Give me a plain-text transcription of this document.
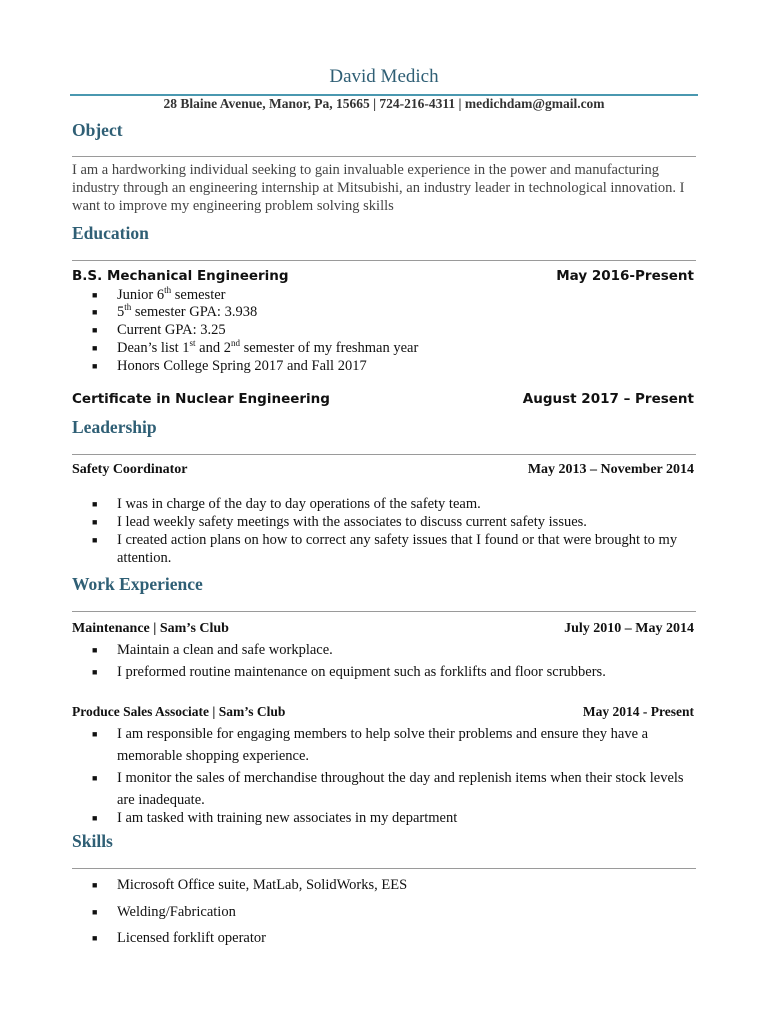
David Medich
28 Blaine Avenue, Manor, Pa, 15665 | 724-216-4311 | medichdam@gmail.com
Object
I am a hardworking individual seeking to gain invaluable experience in the power and manufacturing industry through an engineering internship at Mitsubishi, an industry leader in technological innovation. I want to improve my engineering problem solving skills
Education
B.S. Mechanical Engineering	May 2016-Present
■	Junior 6th semester
■	5th semester GPA: 3.938
■	Current GPA: 3.25
■	Dean’s list 1st and 2nd semester of my freshman year
■	Honors College Spring 2017 and Fall 2017
Certificate in Nuclear Engineering	August 2017 – Present
Leadership
Safety Coordinator	May 2013 – November 2014
■	I was in charge of the day to day operations of the safety team.
■	I lead weekly safety meetings with the associates to discuss current safety issues.
■	I created action plans on how to correct any safety issues that I found or that were brought to my attention.
Work Experience
Maintenance | Sam’s Club	July 2010 – May 2014
■	Maintain a clean and safe workplace.
■	I preformed routine maintenance on equipment such as forklifts and floor scrubbers.
Produce Sales Associate | Sam’s Club	May 2014 - Present
■	I am responsible for engaging members to help solve their problems and ensure they have a memorable shopping experience.
■	I monitor the sales of merchandise throughout the day and replenish items when their stock levels are inadequate.
■	I am tasked with training new associates in my department
Skills
■	Microsoft Office suite, MatLab, SolidWorks, EES
■	Welding/Fabrication
■	Licensed forklift operator
